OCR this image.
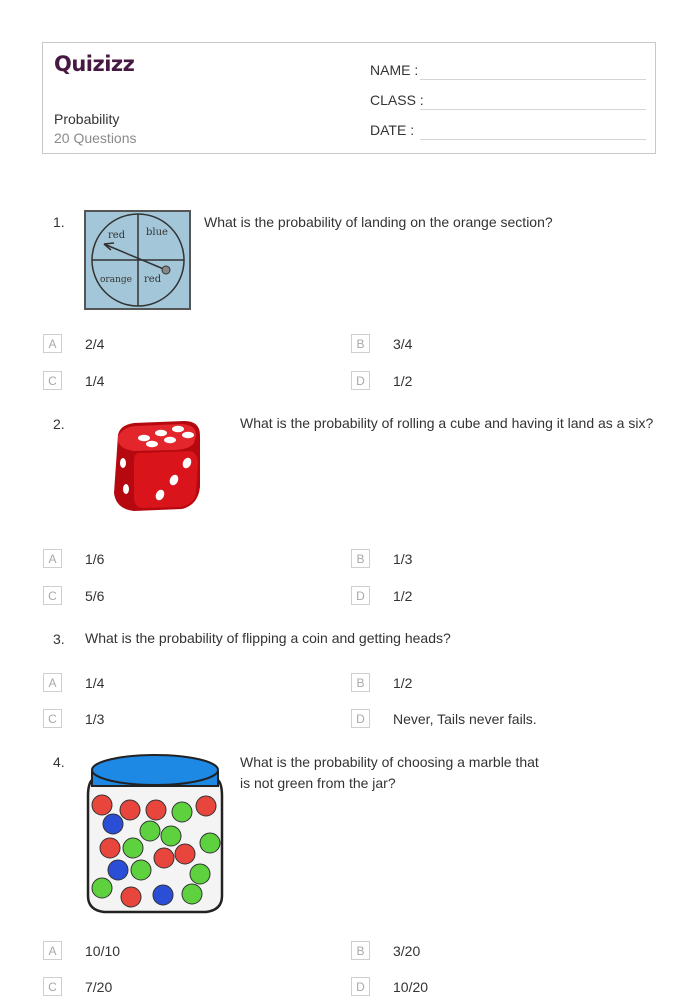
Quizizz
Probability
20 Questions
NAME :
CLASS :
DATE :
1.
red blue
orange red
What is the probability of landing on the orange section?
A	2/4	B	3/4
C	1/4	D	1/2
2.	What is the probability of rolling a cube and having it land as a six?
A	1/6	B	1/3
C	5/6	D	1/2
3. What is the probability of flipping a coin and getting heads?
A	1/4	B	1/2
C	1/3	D	Never, Tails never fails.
4.	What is the probability of choosing a marble that is not green from the jar?
A	10/10	B	3/20
C	7/20	D	10/20
